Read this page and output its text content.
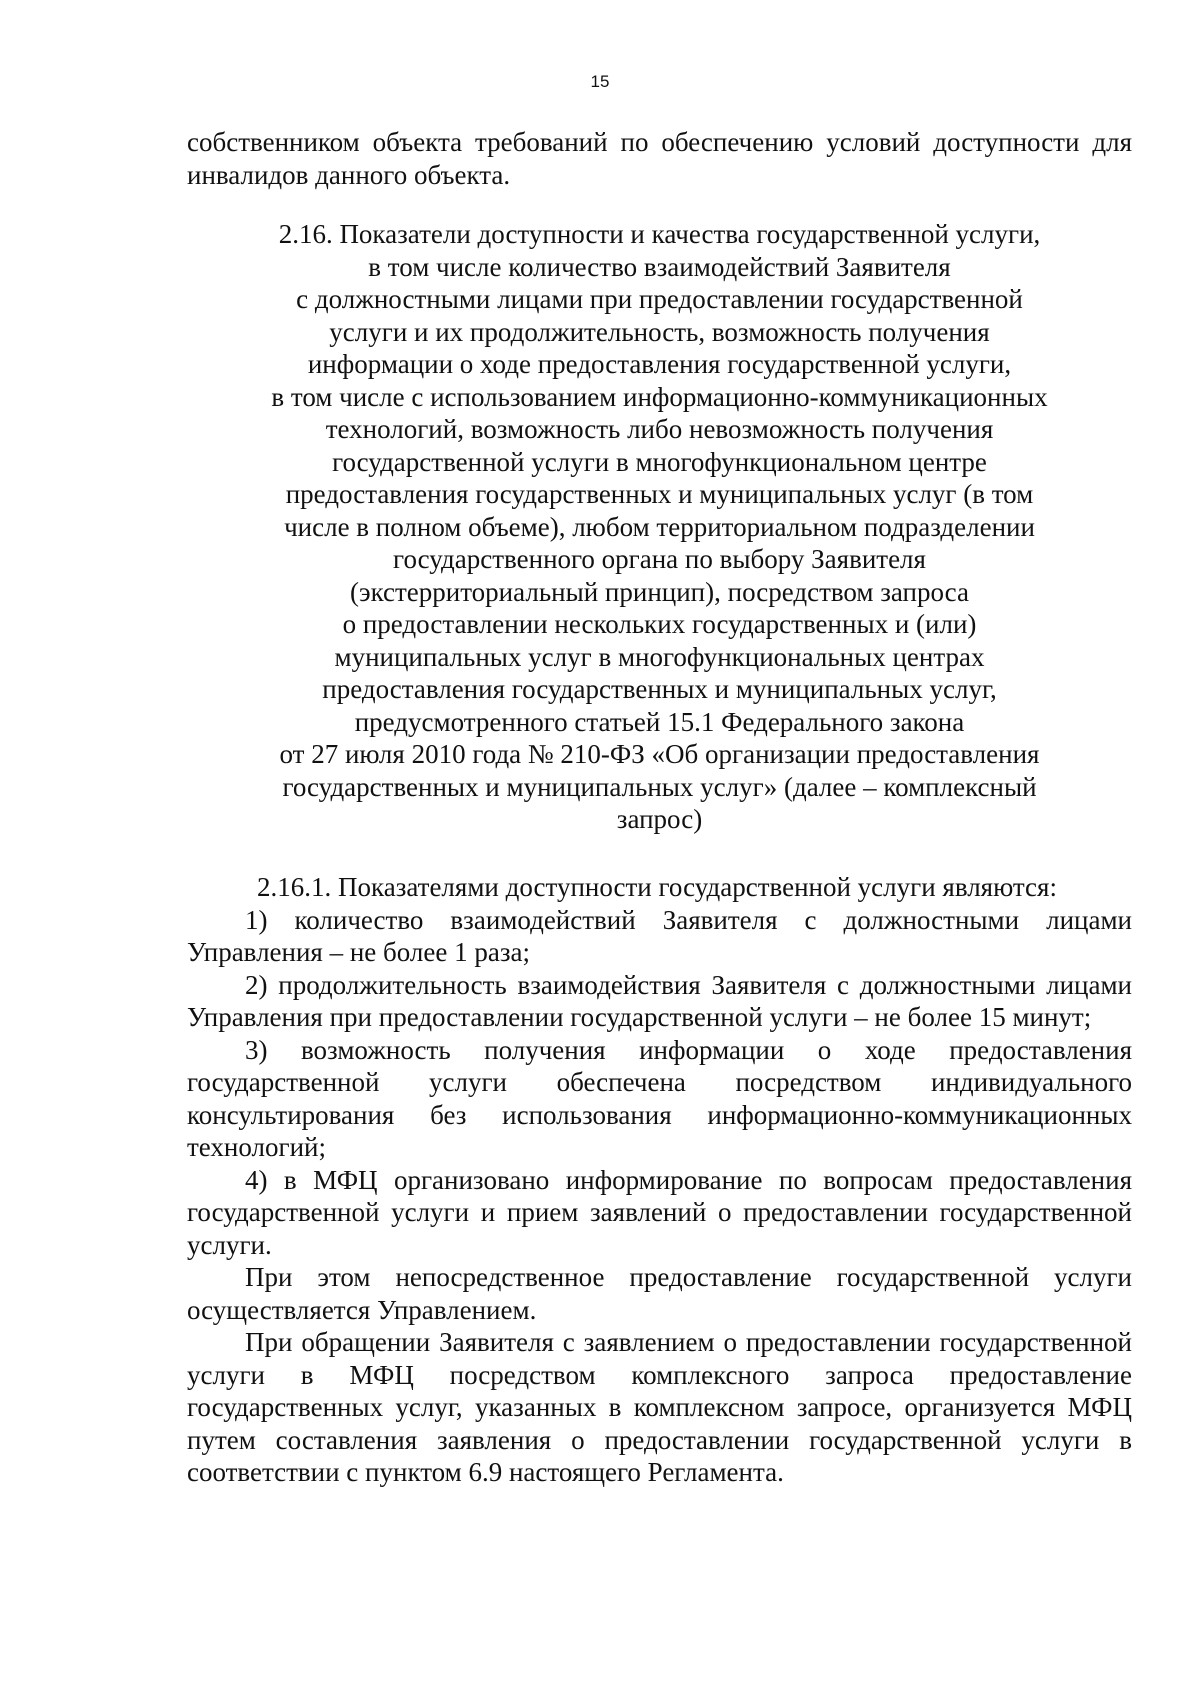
15
собственником объекта требований по обеспечению условий доступности для инвалидов данного объекта.
2.16. Показатели доступности и качества государственной услуги,
в том числе количество взаимодействий Заявителя
с должностными лицами при предоставлении государственной
услуги и их продолжительность, возможность получения
информации о ходе предоставления государственной услуги,
в том числе с использованием информационно-коммуникационных
технологий, возможность либо невозможность получения
государственной услуги в многофункциональном центре
предоставления государственных и муниципальных услуг (в том
числе в полном объеме), любом территориальном подразделении
государственного органа по выбору Заявителя
(экстерриториальный принцип), посредством запроса
о предоставлении нескольких государственных и (или)
муниципальных услуг в многофункциональных центрах
предоставления государственных и муниципальных услуг,
предусмотренного статьей 15.1 Федерального закона
от 27 июля 2010 года № 210-ФЗ «Об организации предоставления
государственных и муниципальных услуг» (далее – комплексный
запрос)

2.16.1. Показателями доступности государственной услуги являются:

1) количество взаимодействий Заявителя с должностными лицами Управления – не более 1 раза;

2) продолжительность взаимодействия Заявителя с должностными лицами Управления при предоставлении государственной услуги – не более 15 минут;

3) возможность получения информации о ходе предоставления государственной услуги обеспечена посредством индивидуального консультирования без использования информационно-коммуникационных технологий;

4) в МФЦ организовано информирование по вопросам предоставления государственной услуги и прием заявлений о предоставлении государственной услуги.

При этом непосредственное предоставление государственной услуги осуществляется Управлением.

При обращении Заявителя с заявлением о предоставлении государственной услуги в МФЦ посредством комплексного запроса предоставление государственных услуг, указанных в комплексном запросе, организуется МФЦ путем составления заявления о предоставлении государственной услуги в соответствии с пунктом 6.9 настоящего Регламента.
